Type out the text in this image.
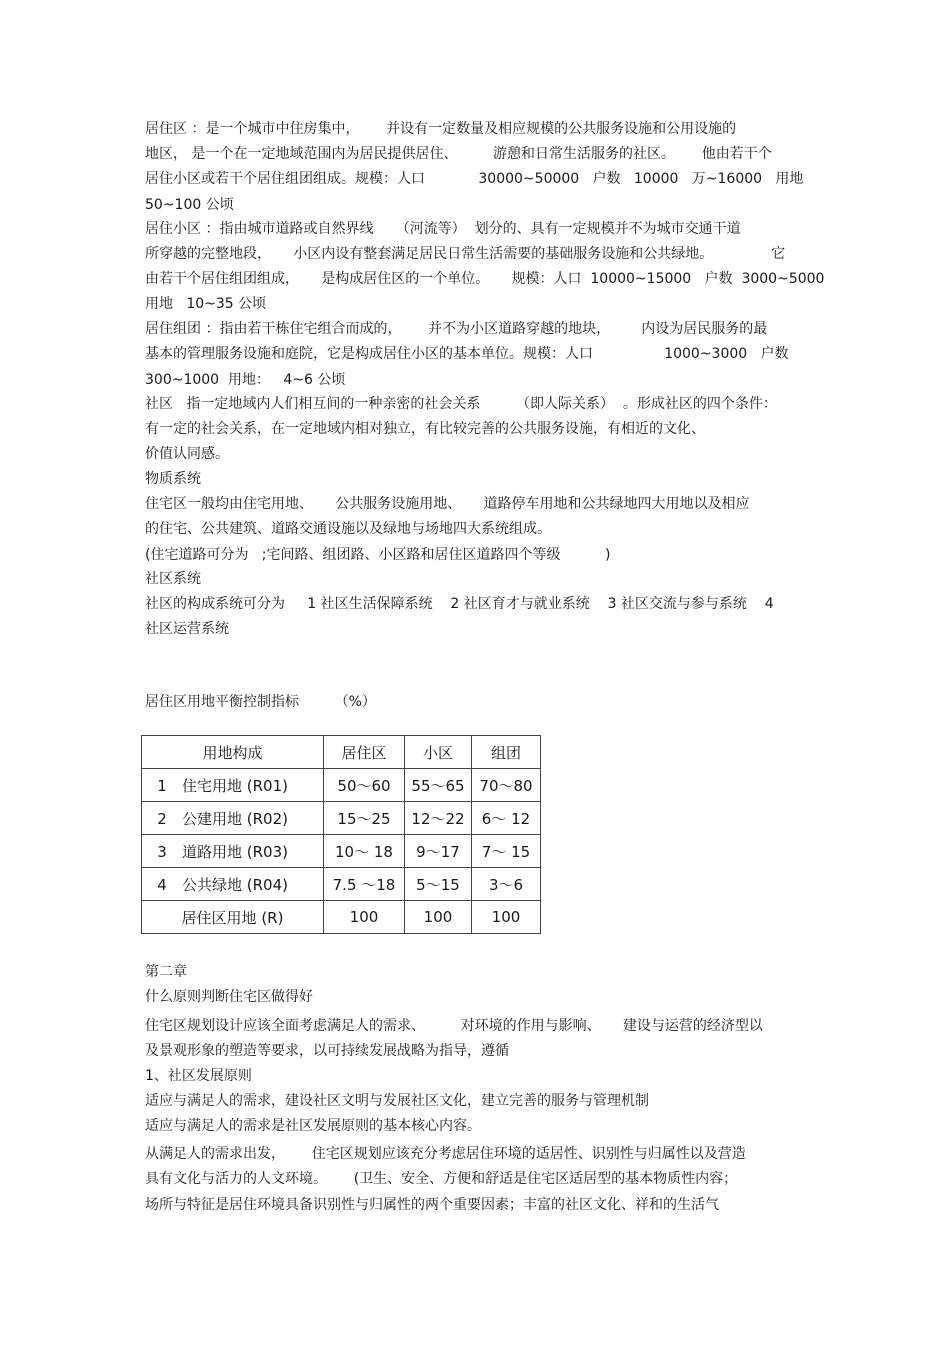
居住区 ：是一个城市中住房集中，      并设有一定数量及相应规模的公共服务设施和公用设施的
地区， 是一个在一定地域范围内为居民提供居住、        游憩和日常生活服务的社区。      他由若干个
居住小区或若干个居住组团组成。规模：人口            30000~50000   户数   10000   万~16000   用地
50~100 公顷
居住小区 ：指由城市道路或自然界线     （河流等）  划分的、具有一定规模并不为城市交通干道
所穿越的完整地段，     小区内设有整套满足居民日常生活需要的基础服务设施和公共绿地。             它
由若干个居住组团组成，     是构成居住区的一个单位。     规模：人口  10000~15000   户数  3000~5000
用地   10~35 公顷
居住组团 ：指由若干栋住宅组合而成的，      并不为小区道路穿越的地块，       内设为居民服务的最
基本的管理服务设施和庭院，它是构成居住小区的基本单位。规模：人口                1000~3000   户数
300~1000  用地：   4~6 公顷
社区   指一定地域内人们相互间的一种亲密的社会关系        （即人际关系）  。形成社区的四个条件：
有一定的社会关系，在一定地域内相对独立，有比较完善的公共服务设施，有相近的文化、
价值认同感。
物质系统
住宅区一般均由住宅用地、     公共服务设施用地、     道路停车用地和公共绿地四大用地以及相应
的住宅、公共建筑、道路交通设施以及绿地与场地四大系统组成。
(住宅道路可分为   ;宅间路、组团路、小区路和居住区道路四个等级          )
社区系统
社区的构成系统可分为     1 社区生活保障系统    2 社区育才与就业系统    3 社区交流与参与系统    4
社区运营系统
居住区用地平衡控制指标        （%）
用地构成	居住区	小区	组团
1 住宅用地 (R01)	50～60	55～65	70～80
2 公建用地 (R02)	15～25	12～22	6～ 12
3 道路用地 (R03)	10～ 18	9～17	7～ 15
4 公共绿地 (R04)	7.5 ～18	5～15	3～6
居住区用地 (R)	100	100	100
第二章
什么原则判断住宅区做得好
住宅区规划设计应该全面考虑满足人的需求、        对环境的作用与影响、     建设与运营的经济型以
及景观形象的塑造等要求，以可持续发展战略为指导，遵循
1、社区发展原则
适应与满足人的需求，建设社区文明与发展社区文化，建立完善的服务与管理机制
适应与满足人的需求是社区发展原则的基本核心内容。
从满足人的需求出发，      住宅区规划应该充分考虑居住环境的适居性、识别性与归属性以及营造
具有文化与活力的人文环境。      (卫生、安全、方便和舒适是住宅区适居型的基本物质性内容；
场所与特征是居住环境具备识别性与归属性的两个重要因素；丰富的社区文化、祥和的生活气
